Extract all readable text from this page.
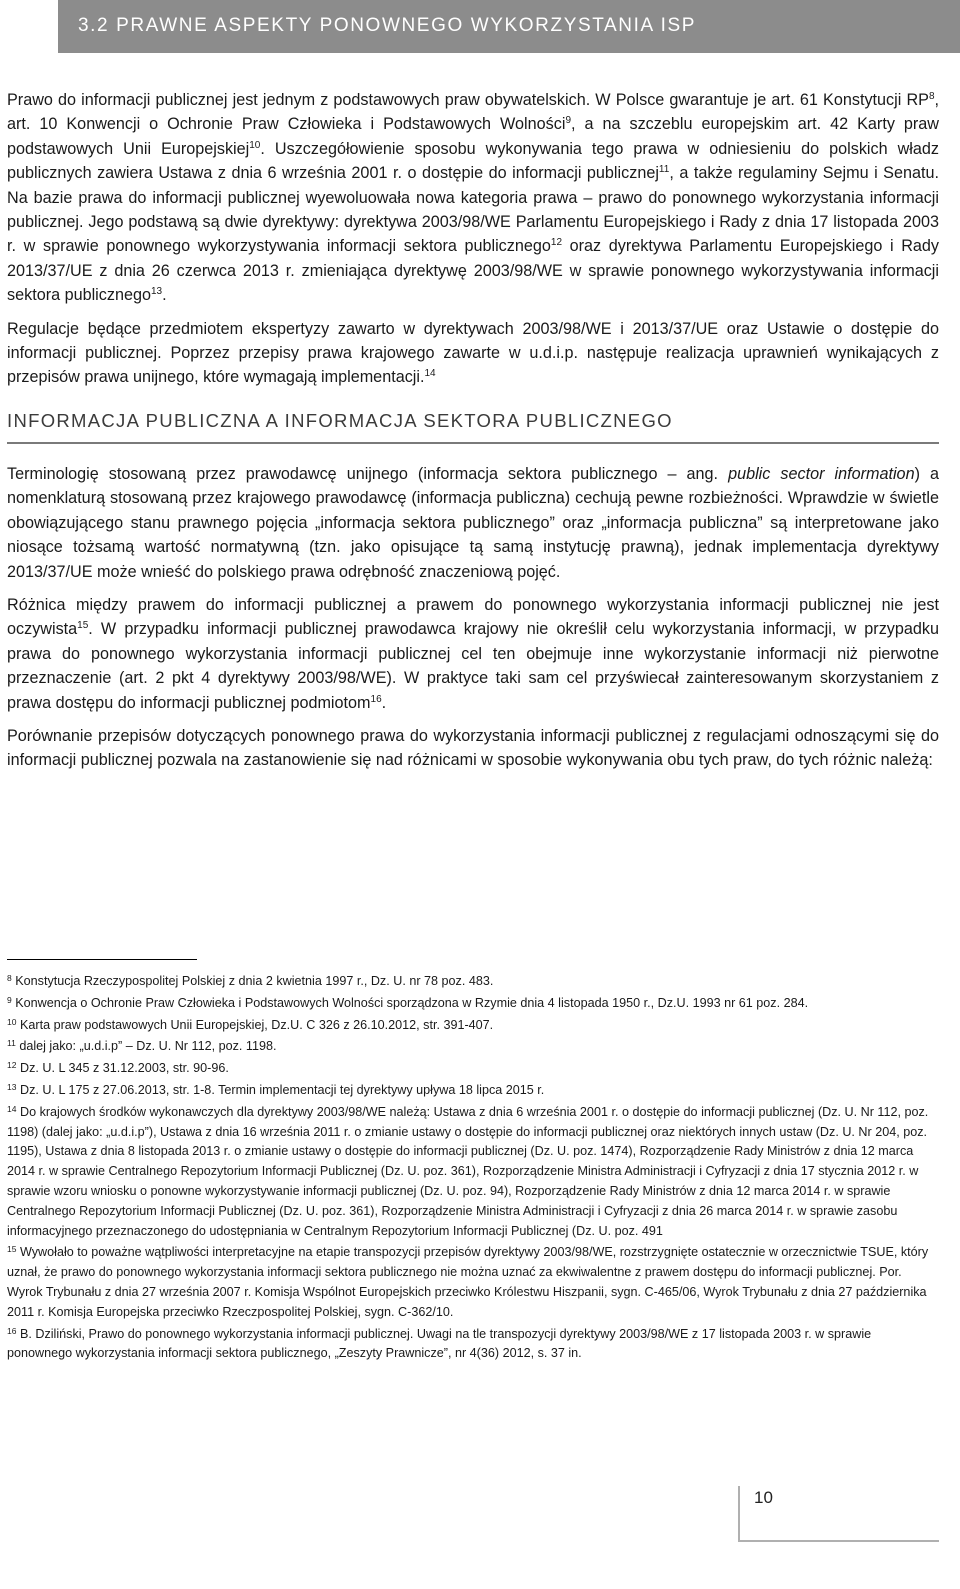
3.2 PRAWNE ASPEKTY PONOWNEGO WYKORZYSTANIA ISP

Prawo do informacji publicznej jest jednym z podstawowych praw obywatelskich. W Polsce gwarantuje je art. 61 Konstytucji $RP^8$, art. 10 Konwencji o Ochronie Praw Człowieka i Podstawowych Wolności$^9$, a na szczeblu europejskim art. 42 Karty praw podstawowych Unii Europejskiej$^{10}$. Uszczegółowienie sposobu wykonywania tego prawa w odniesieniu do polskich władz publicznych zawiera Ustawa z dnia 6 września 2001 r. o dostępie do informacji publicznej$^{11}$, a także regulaminy Sejmu i Senatu. Na bazie prawa do informacji publicznej wyewoluowała nowa kategoria prawa – prawo do ponownego wykorzystania informacji publicznej. Jego podstawą są dwie dyrektywy: dyrektywa 2003/98/WE Parlamentu Europejskiego i Rady z dnia 17 listopada 2003 r. w sprawie ponownego wykorzystywania informacji sektora publicznego$^{12}$ oraz dyrektywa Parlamentu Europejskiego i Rady 2013/37/UE z dnia 26 czerwca 2013 r. zmieniająca dyrektywę 2003/98/WE w sprawie ponownego wykorzystywania informacji sektora publicznego$^{13}$.

Regulacje będące przedmiotem ekspertyzy zawarto w dyrektywach 2003/98/WE i 2013/37/UE oraz Ustawie o dostępie do informacji publicznej. Poprzez przepisy prawa krajowego zawarte w u.d.i.p. następuje realizacja uprawnień wynikających z przepisów prawa unijnego, które wymagają implementacji.$^{14}$

INFORMACJA PUBLICZNA A INFORMACJA SEKTORA PUBLICZNEGO

Terminologię stosowaną przez prawodawcę unijnego (informacja sektora publicznego – ang. public sector information) a nomenklaturą stosowaną przez krajowego prawodawcę (informacja publiczna) cechują pewne rozbieżności. Wprawdzie w świetle obowiązującego stanu prawnego pojęcia „informacja sektora publicznego” oraz „informacja publiczna” są interpretowane jako niosące tożsamą wartość normatywną (tzn. jako opisujące tą samą instytucję prawną), jednak implementacja dyrektywy 2013/37/UE może wnieść do polskiego prawa odrębność znaczeniową pojęć.

Różnica między prawem do informacji publicznej a prawem do ponownego wykorzystania informacji publicznej nie jest oczywista$^{15}$. W przypadku informacji publicznej prawodawca krajowy nie określił celu wykorzystania informacji, w przypadku prawa do ponownego wykorzystania informacji publicznej cel ten obejmuje inne wykorzystanie informacji niż pierwotne przeznaczenie (art. 2 pkt 4 dyrektywy 2003/98/WE). W praktyce taki sam cel przyświecał zainteresowanym skorzystaniem z prawa dostępu do informacji publicznej podmiotom$^{16}$.

Porównanie przepisów dotyczących ponownego prawa do wykorzystania informacji publicznej z regulacjami odnoszącymi się do informacji publicznej pozwala na zastanowienie się nad różnicami w sposobie wykonywania obu tych praw, do tych różnic należą:

$^8$ Konstytucja Rzeczypospolitej Polskiej z dnia 2 kwietnia 1997 r., Dz. U. nr 78 poz. 483.

$^9$ Konwencja o Ochronie Praw Człowieka i Podstawowych Wolności sporządzona w Rzymie dnia 4 listopada 1950 r., Dz.U. 1993 nr 61 poz. 284.

$^{10}$ Karta praw podstawowych Unii Europejskiej, Dz.U. C 326 z 26.10.2012, str. 391-407.

$^{11}$ dalej jako: „u.d.i.p” – Dz. U. Nr 112, poz. 1198.

$^{12}$ Dz. U. L 345 z 31.12.2003, str. 90-96.

$^{13}$ Dz. U. L 175 z 27.06.2013, str. 1-8. Termin implementacji tej dyrektywy upływa 18 lipca 2015 r.

$^{14}$ Do krajowych środków wykonawczych dla dyrektywy 2003/98/WE należą: Ustawa z dnia 6 września 2001 r. o dostępie do informacji publicznej (Dz. U. Nr 112, poz. 1198) (dalej jako: „u.d.i.p”), Ustawa z dnia 16 września 2011 r. o zmianie ustawy o dostępie do informacji publicznej oraz niektórych innych ustaw (Dz. U. Nr 204, poz. 1195), Ustawa z dnia 8 listopada 2013 r. o zmianie ustawy o dostępie do informacji publicznej (Dz. U. poz. 1474), Rozporządzenie Rady Ministrów z dnia 12 marca 2014 r. w sprawie Centralnego Repozytorium Informacji Publicznej (Dz. U. poz. 361), Rozporządzenie Ministra Administracji i Cyfryzacji z dnia 17 stycznia 2012 r. w sprawie wzoru wniosku o ponowne wykorzystywanie informacji publicznej (Dz. U. poz. 94), Rozporządzenie Rady Ministrów z dnia 12 marca 2014 r. w sprawie Centralnego Repozytorium Informacji Publicznej (Dz. U. poz. 361), Rozporządzenie Ministra Administracji i Cyfryzacji z dnia 26 marca 2014 r. w sprawie zasobu informacyjnego przeznaczonego do udostępniania w Centralnym Repozytorium Informacji Publicznej (Dz. U. poz. 491

$^{15}$ Wywołało to poważne wątpliwości interpretacyjne na etapie transpozycji przepisów dyrektywy 2003/98/WE, rozstrzygnięte ostatecznie w orzecznictwie TSUE, który uznał, że prawo do ponownego wykorzystania informacji sektora publicznego nie można uznać za ekwiwalentne z prawem dostępu do informacji publicznej. Por. Wyrok Trybunału z dnia 27 września 2007 r. Komisja Wspólnot Europejskich przeciwko Królestwu Hiszpanii, sygn. C-465/06, Wyrok Trybunału z dnia 27 października 2011 r. Komisja Europejska przeciwko Rzeczpospolitej Polskiej, sygn. C-362/10.

$^{16}$ B. Dziliński, Prawo do ponownego wykorzystania informacji publicznej. Uwagi na tle transpozycji dyrektywy 2003/98/WE z 17 listopada 2003 r. w sprawie ponownego wykorzystania informacji sektora publicznego, „Zeszyty Prawnicze”, nr 4(36) 2012, s. 37 in.

10
